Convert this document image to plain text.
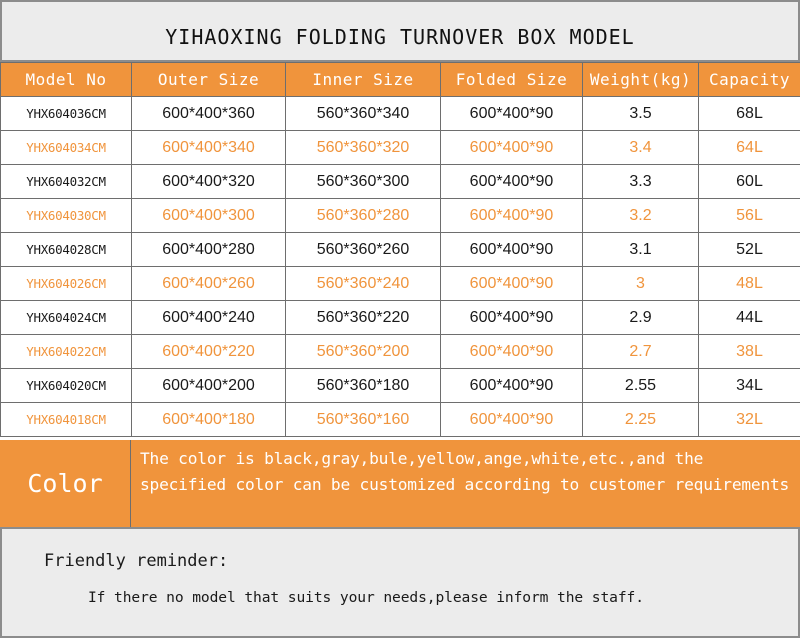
YIHAOXING FOLDING TURNOVER BOX MODEL
Model No	Outer Size	Inner Size	Folded Size	Weight(kg)	Capacity
YHX604036CM	600*400*360	560*360*340	600*400*90	3.5	68L
YHX604034CM	600*400*340	560*360*320	600*400*90	3.4	64L
YHX604032CM	600*400*320	560*360*300	600*400*90	3.3	60L
YHX604030CM	600*400*300	560*360*280	600*400*90	3.2	56L
YHX604028CM	600*400*280	560*360*260	600*400*90	3.1	52L
YHX604026CM	600*400*260	560*360*240	600*400*90	3	48L
YHX604024CM	600*400*240	560*360*220	600*400*90	2.9	44L
YHX604022CM	600*400*220	560*360*200	600*400*90	2.7	38L
YHX604020CM	600*400*200	560*360*180	600*400*90	2.55	34L
YHX604018CM	600*400*180	560*360*160	600*400*90	2.25	32L
Color
The color is black,gray,bule,yellow,ange,white,etc.,and the specified color can be customized according to customer requirements
Friendly reminder:
If there no model that suits your needs,please inform the staff.
